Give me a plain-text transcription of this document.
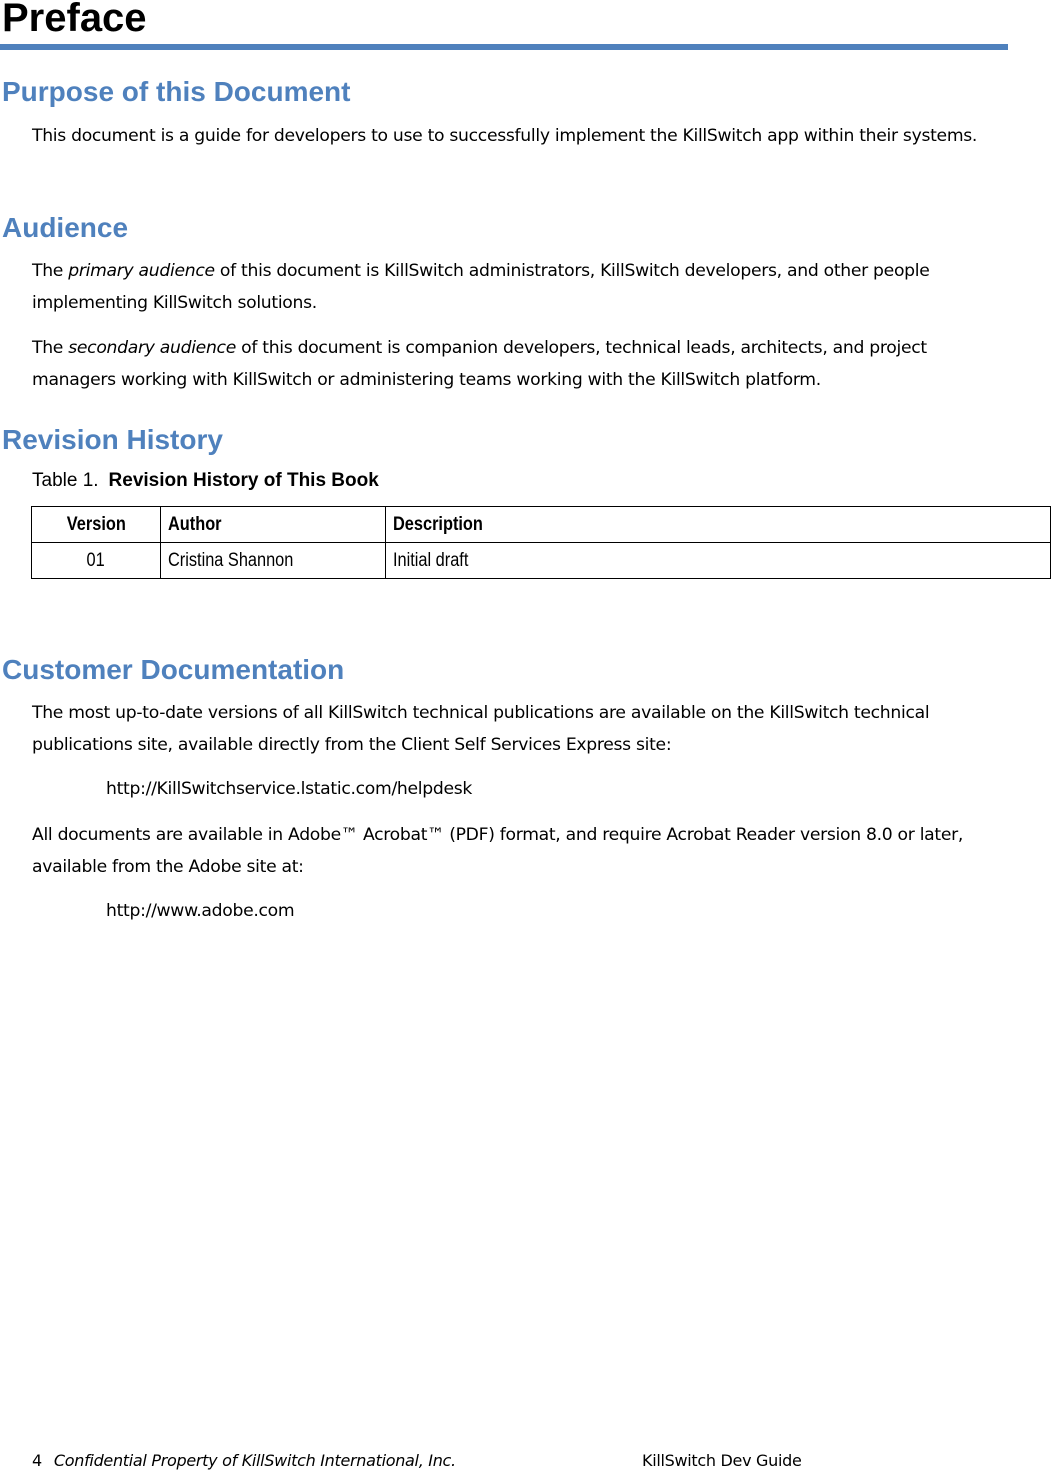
Preface
Purpose of this Document

This document is a guide for developers to use to successfully implement the KillSwitch app within their systems.

Audience

The primary audience of this document is KillSwitch administrators, KillSwitch developers, and other people implementing KillSwitch solutions.

The secondary audience of this document is companion developers, technical leads, architects, and project managers working with KillSwitch or administering teams working with the KillSwitch platform.

Revision History

Table 1. Revision History of This Book

Version	Author	Description
01	Cristina Shannon	Initial draft
Customer Documentation

The most up-to-date versions of all KillSwitch technical publications are available on the KillSwitch technical publications site, available directly from the Client Self Services Express site:

http://KillSwitchservice.lstatic.com/helpdesk

All documents are available in Adobe™ Acrobat™ (PDF) format, and require Acrobat Reader version 8.0 or later, available from the Adobe site at:

http://www.adobe.com

4 Confidential Property of KillSwitch International, Inc.	KillSwitch Dev Guide
